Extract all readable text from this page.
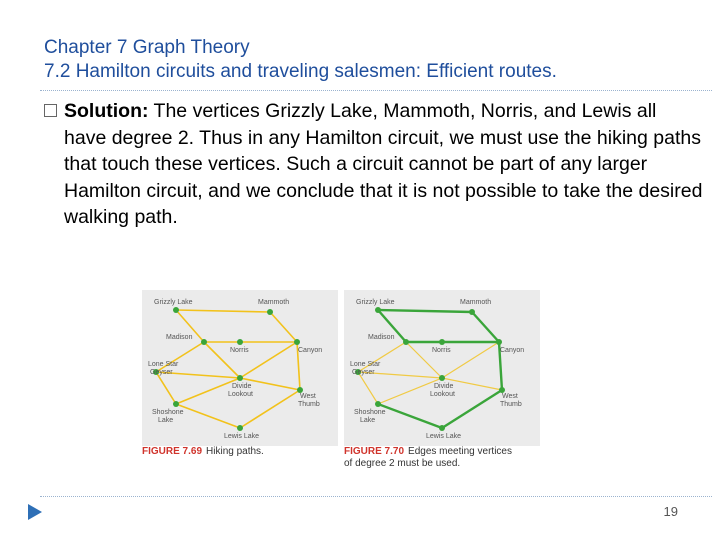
Chapter 7 Graph Theory
7.2 Hamilton circuits and traveling salesmen: Efficient routes.
Solution: The vertices Grizzly Lake, Mammoth, Norris, and Lewis all have degree 2. Thus in any Hamilton circuit, we must use the hiking paths that touch these vertices. Such a circuit cannot be part of any larger Hamilton circuit, and we conclude that it is not possible to take the desired walking path.
Grizzly Lake	Mammoth
Madison
Norris	Canyon
Lone Star
Geyser
Divide
Lookout	West
Thumb
Shoshone
Lake
Lewis Lake
Grizzly Lake	Mammoth
Madison
Norris	Canyon
Lone Star
Geyser
Divide
Lookout	West
Thumb
Shoshone
Lake
Lewis Lake
FIGURE 7.69 Hiking paths.	FIGURE 7.70 Edges meeting vertices
of degree 2 must be used.
19
